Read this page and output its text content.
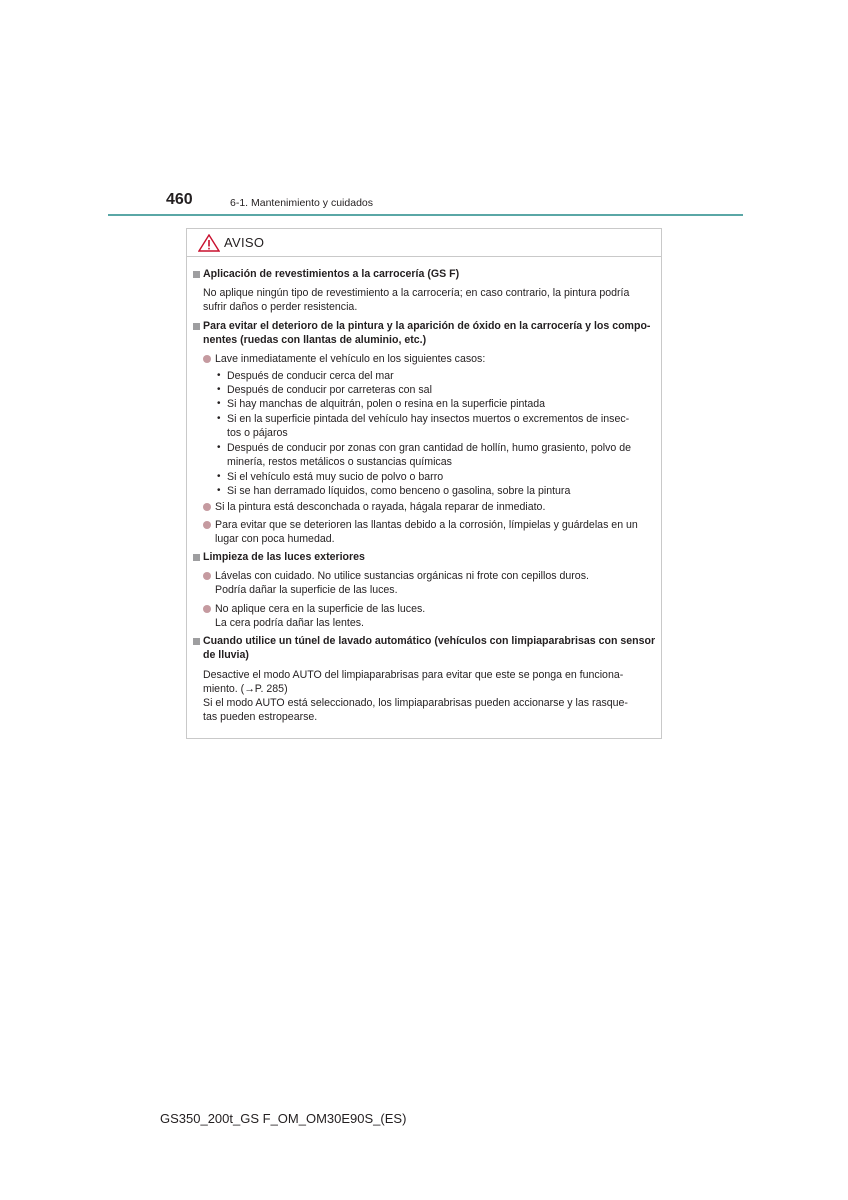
460	6-1. Mantenimiento y cuidados
AVISO
Aplicación de revestimientos a la carrocería (GS F)
No aplique ningún tipo de revestimiento a la carrocería; en caso contrario, la pintura podría
sufrir daños o perder resistencia.
Para evitar el deterioro de la pintura y la aparición de óxido en la carrocería y los compo-
nentes (ruedas con llantas de aluminio, etc.)
Lave inmediatamente el vehículo en los siguientes casos:
• Después de conducir cerca del mar
• Después de conducir por carreteras con sal
• Si hay manchas de alquitrán, polen o resina en la superficie pintada
• Si en la superficie pintada del vehículo hay insectos muertos o excrementos de insec-
tos o pájaros
• Después de conducir por zonas con gran cantidad de hollín, humo grasiento, polvo de
minería, restos metálicos o sustancias químicas
• Si el vehículo está muy sucio de polvo o barro
• Si se han derramado líquidos, como benceno o gasolina, sobre la pintura
Si la pintura está desconchada o rayada, hágala reparar de inmediato.
Para evitar que se deterioren las llantas debido a la corrosión, límpielas y guárdelas en un
lugar con poca humedad.
Limpieza de las luces exteriores
Lávelas con cuidado. No utilice sustancias orgánicas ni frote con cepillos duros.
Podría dañar la superficie de las luces.
No aplique cera en la superficie de las luces.
La cera podría dañar las lentes.
Cuando utilice un túnel de lavado automático (vehículos con limpiaparabrisas con sensor
de lluvia)
Desactive el modo AUTO del limpiaparabrisas para evitar que este se ponga en funciona-
miento. (→P. 285)
Si el modo AUTO está seleccionado, los limpiaparabrisas pueden accionarse y las rasque-
tas pueden estropearse.
GS350_200t_GS F_OM_OM30E90S_(ES)
